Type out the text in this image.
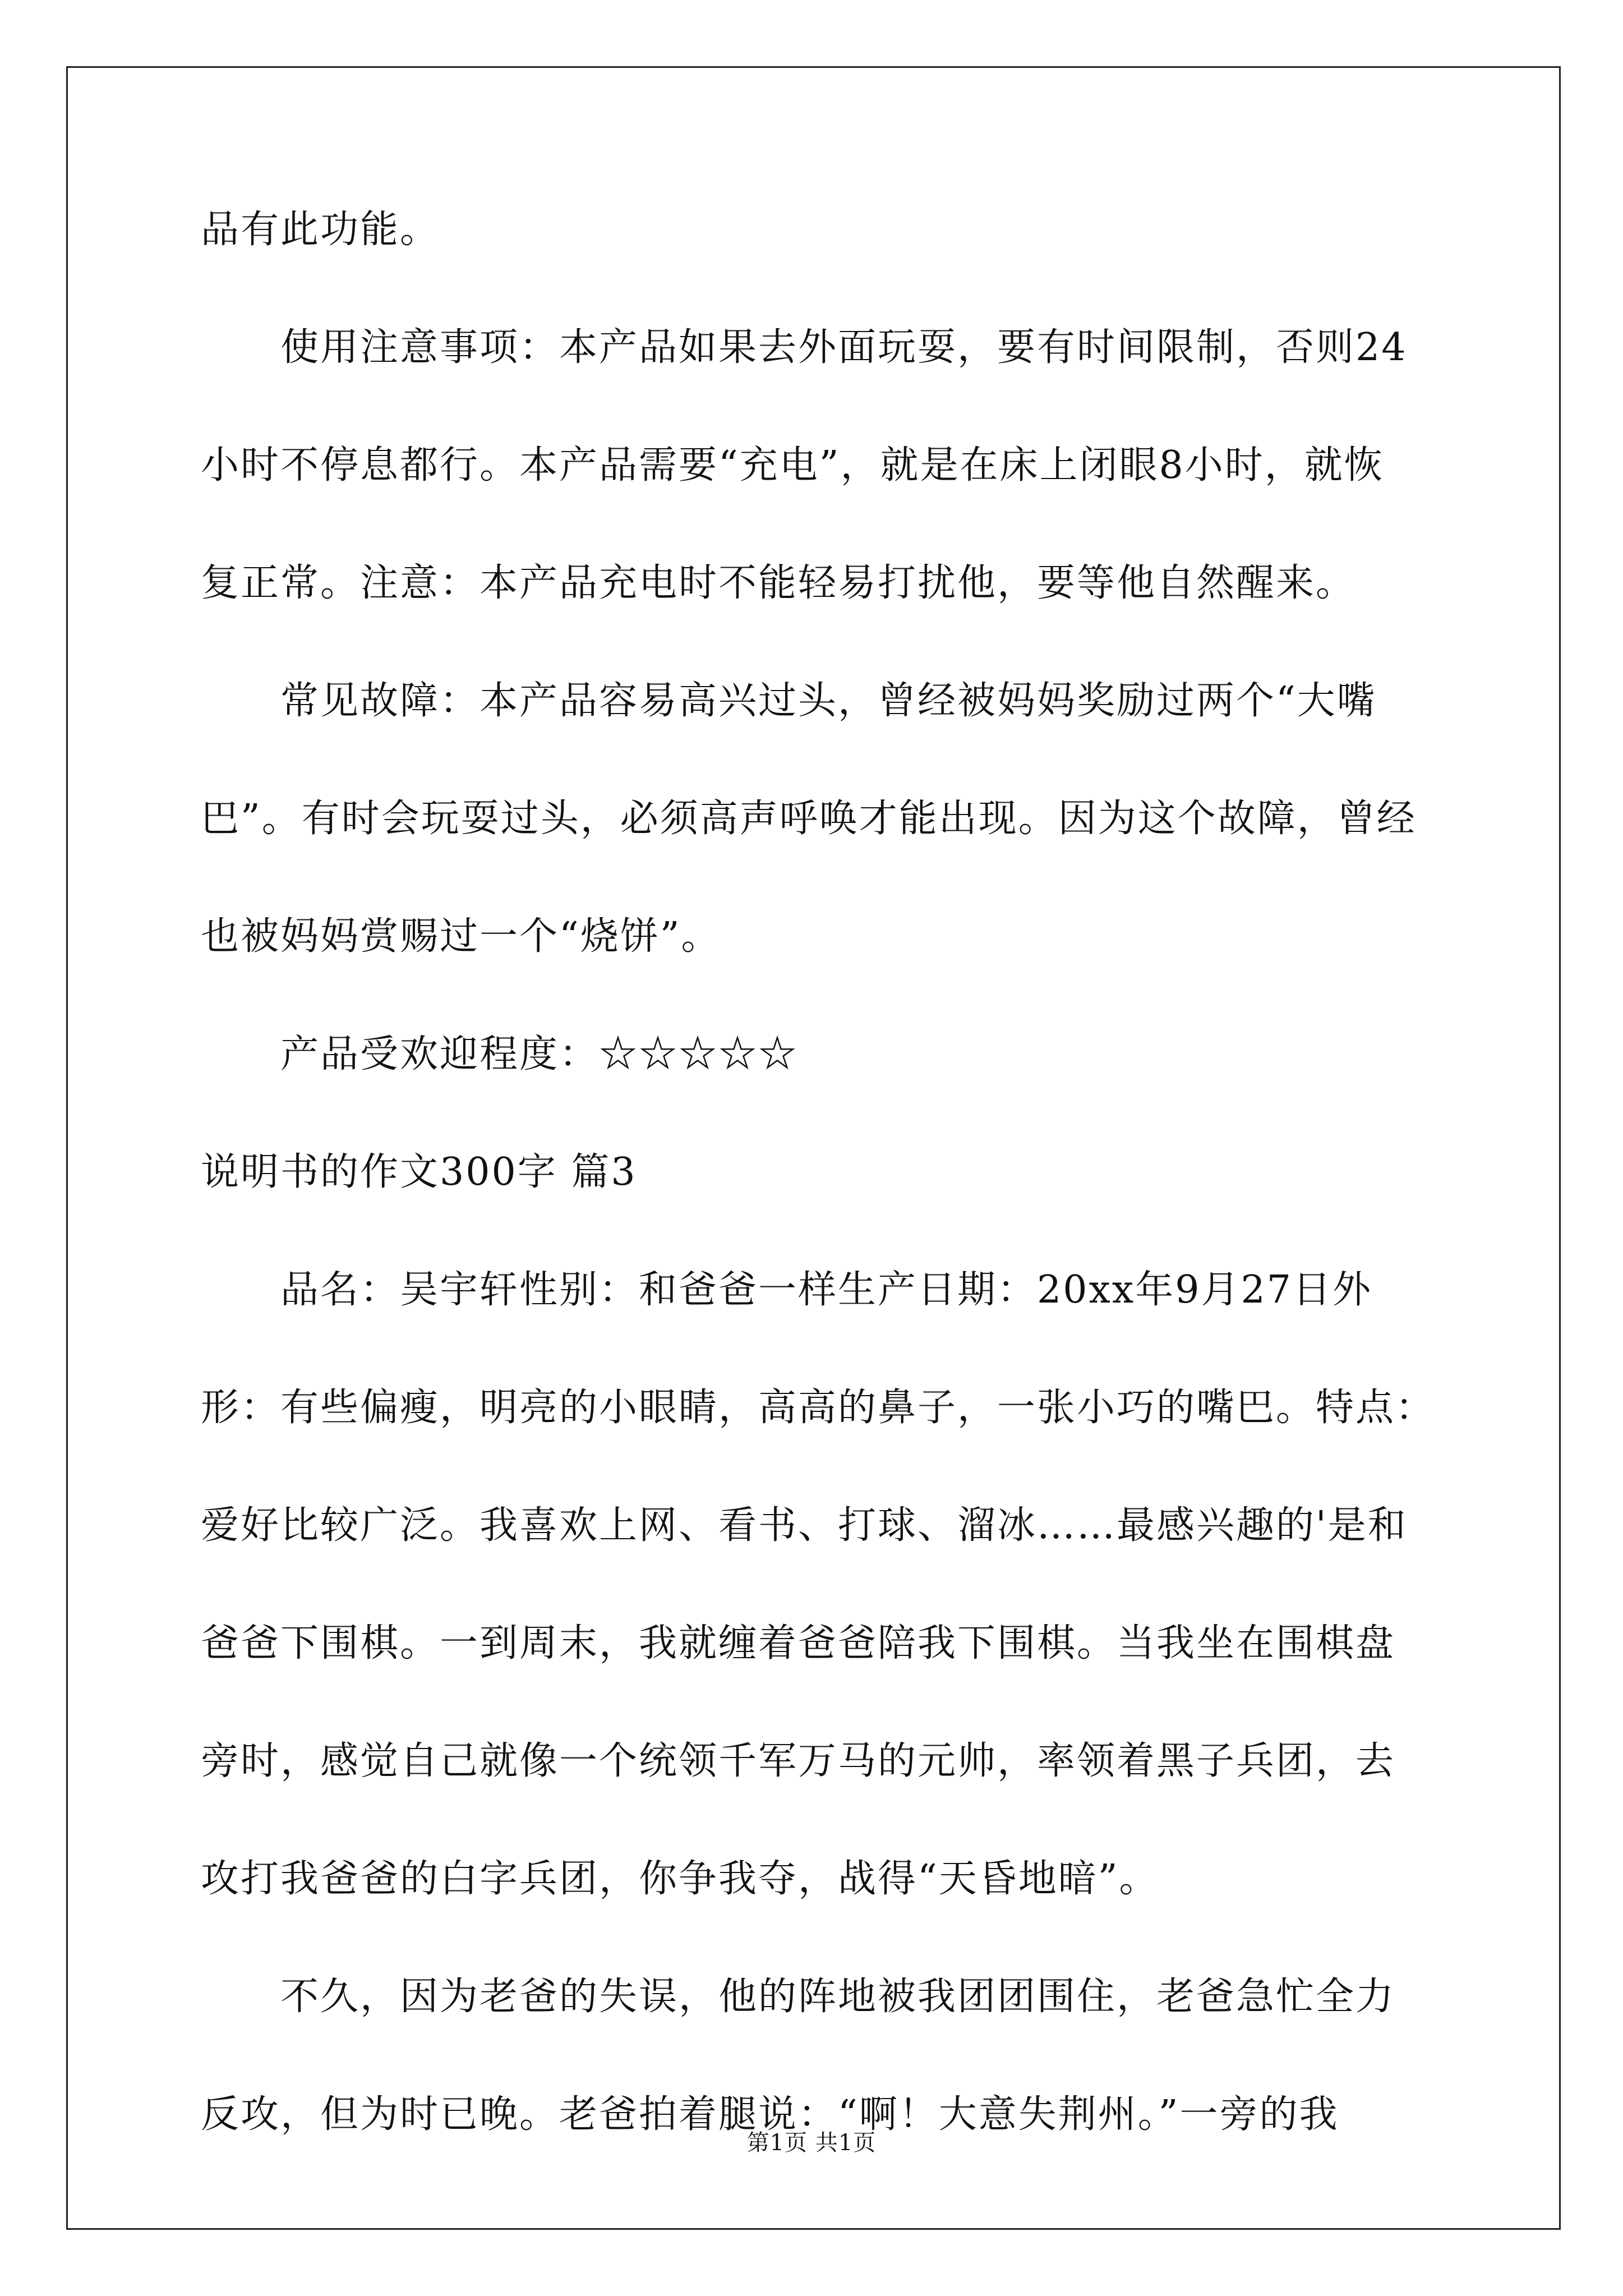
品有此功能。
使用注意事项：本产品如果去外面玩耍，要有时间限制，否则24
小时不停息都行。本产品需要“充电”，就是在床上闭眼8小时，就恢
复正常。注意：本产品充电时不能轻易打扰他，要等他自然醒来。
常见故障：本产品容易高兴过头，曾经被妈妈奖励过两个“大嘴
巴”。有时会玩耍过头，必须高声呼唤才能出现。因为这个故障，曾经
也被妈妈赏赐过一个“烧饼”。
产品受欢迎程度：☆☆☆☆☆
说明书的作文300字 篇3
品名：吴宇轩性别：和爸爸一样生产日期：20xx年9月27日外
形：有些偏瘦，明亮的小眼睛，高高的鼻子，一张小巧的嘴巴。特点：
爱好比较广泛。我喜欢上网、看书、打球、溜冰……最感兴趣的'是和
爸爸下围棋。一到周末，我就缠着爸爸陪我下围棋。当我坐在围棋盘
旁时，感觉自己就像一个统领千军万马的元帅，率领着黑子兵团，去
攻打我爸爸的白字兵团，你争我夺，战得“天昏地暗”。
不久，因为老爸的失误，他的阵地被我团团围住，老爸急忙全力
反攻，但为时已晚。老爸拍着腿说：“啊！大意失荆州。”一旁的我
第1页 共1页
